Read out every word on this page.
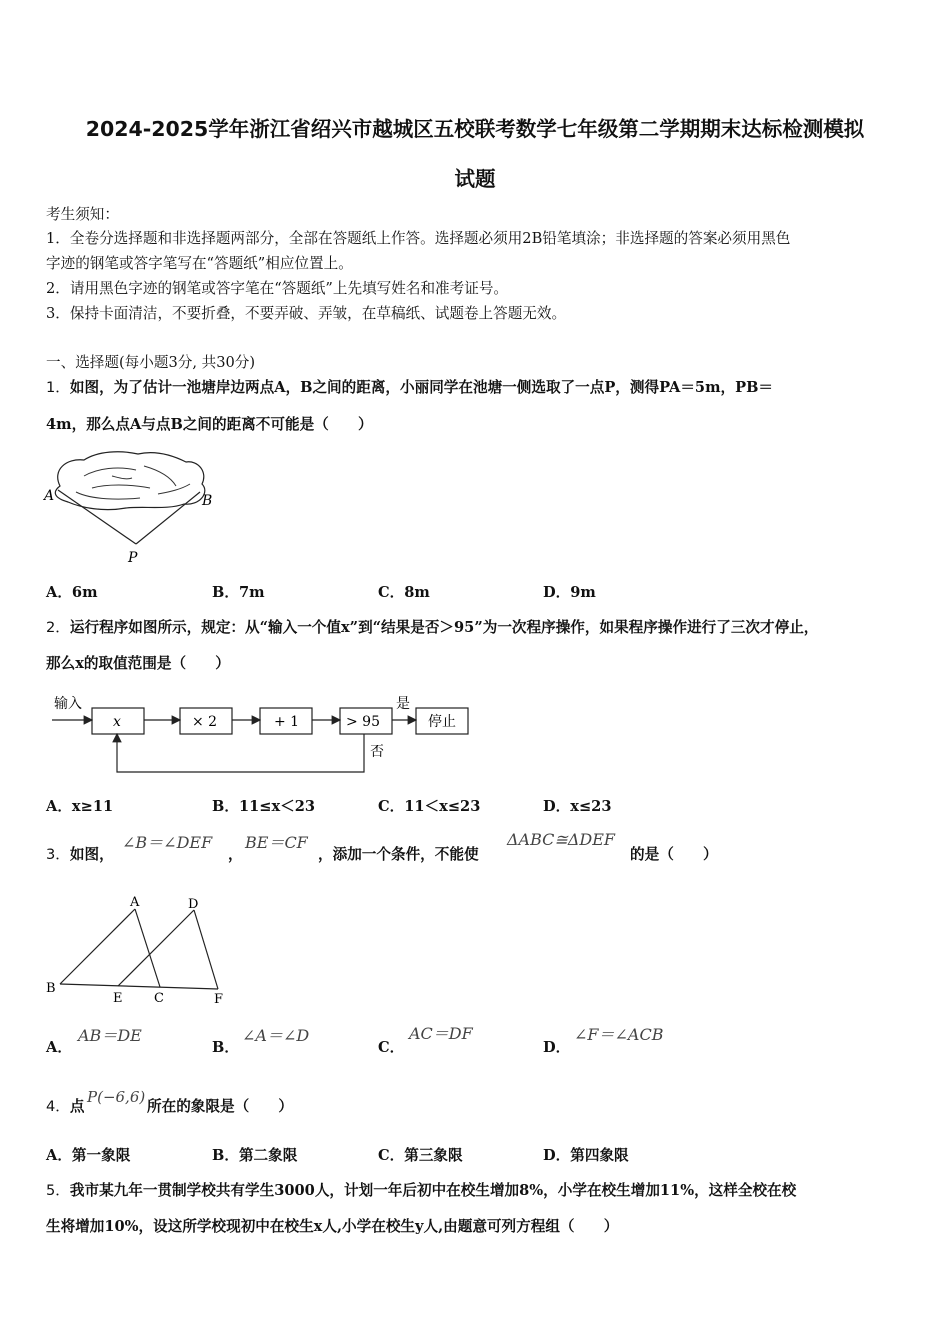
2024-2025学年浙江省绍兴市越城区五校联考数学七年级第二学期期末达标检测模拟
试题
考生须知：
1．全卷分选择题和非选择题两部分，全部在答题纸上作答。选择题必须用2B铅笔填涂；非选择题的答案必须用黑色
字迹的钢笔或答字笔写在“答题纸”相应位置上。
2．请用黑色字迹的钢笔或答字笔在“答题纸”上先填写姓名和准考证号。
3．保持卡面清洁，不要折叠，不要弄破、弄皱，在草稿纸、试题卷上答题无效。
一、选择题(每小题3分, 共30分)
1．如图，为了估计一池塘岸边两点A，B之间的距离，小丽同学在池塘一侧选取了一点P，测得PA＝5m，PB＝
4m，那么点A与点B之间的距离不可能是（　　）
A	B
P
A．6m	B．7m	C．8m	D．9m
2．运行程序如图所示，规定：从“输入一个值x”到“结果是否＞95”为一次程序操作，如果程序操作进行了三次才停止，
那么x的取值范围是（　　）
输入
x	× 2	+ 1	> 95
是
停止
否
A．x≥11	B．11≤x＜23	C．11＜x≤23	D．x≤23
3．如图，
∠B＝∠DEF
，
BE＝CF
，添加一个条件，不能使
ΔABC≅ΔDEF
的是（　　）
A	D
B
E C	F
A．
AB＝DE
B．
∠A＝∠D
C．
AC＝DF
D．
∠F＝∠ACB
4．点
P(−6,6)
所在的象限是（　　）
A．第一象限	B．第二象限	C．第三象限	D．第四象限
5．我市某九年一贯制学校共有学生3000人，计划一年后初中在校生增加8%，小学在校生增加11%，这样全校在校
生将增加10%，设这所学校现初中在校生x人,小学在校生y人,由题意可列方程组（　　）
